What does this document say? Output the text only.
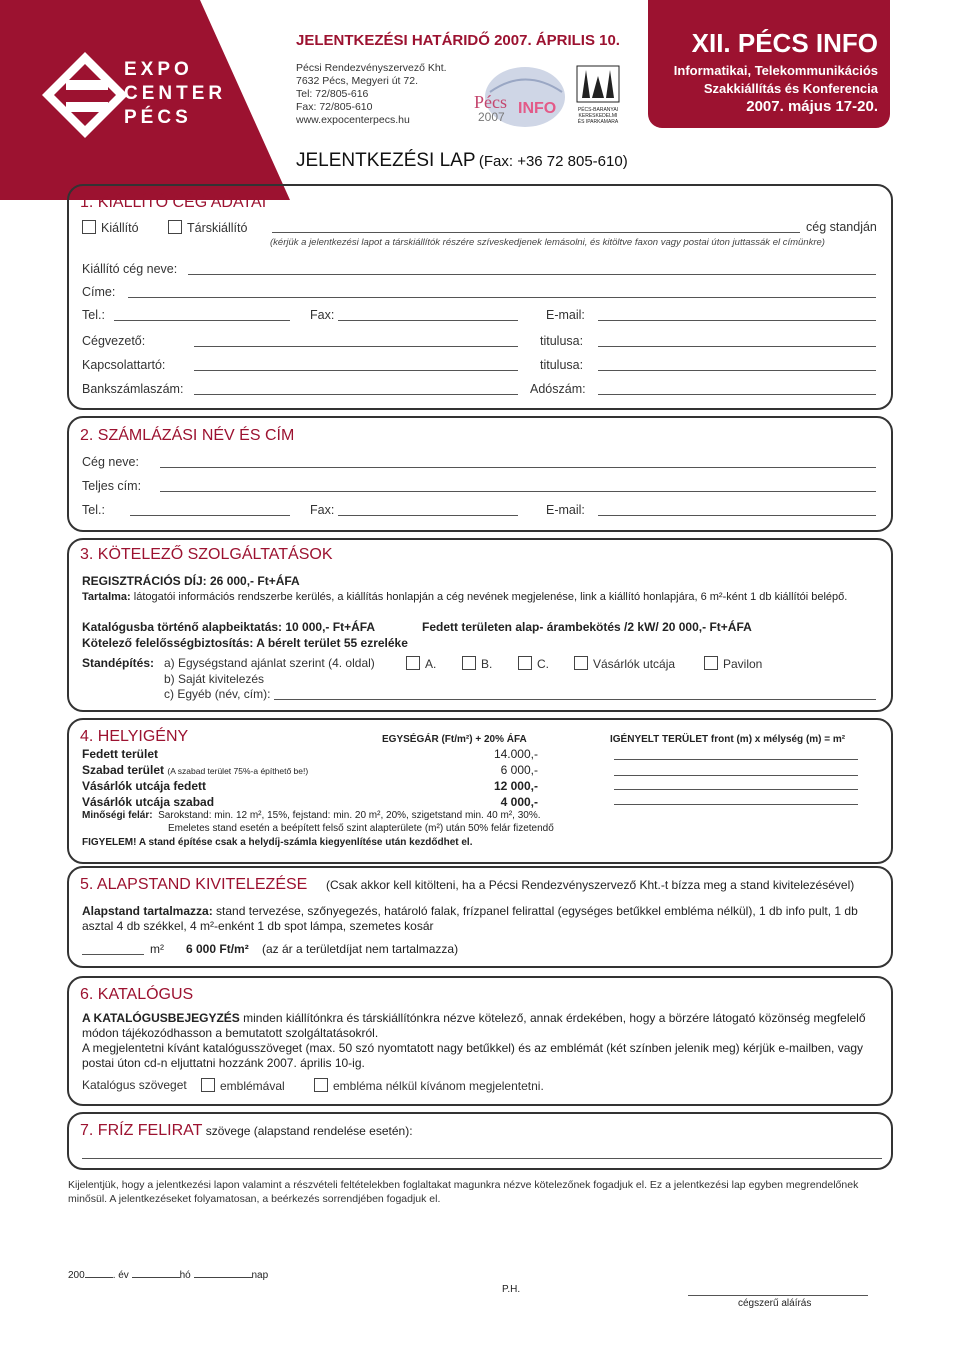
EXPO
CENTER
PÉCS
JELENTKEZÉSI HATÁRIDŐ 2007. ÁPRILIS 10.
Pécsi Rendezvényszervező Kht.
7632 Pécs, Megyeri út 72.
Tel: 72/805-616
Fax: 72/805-610
www.expocenterpecs.hu
Pécs
2007 INFO	PÉCS-BARANYAI
KERESKEDELMI
ÉS IPARKAMARA
XII. PÉCS INFO
Informatikai, Telekommunikációs
Szakkiállítás és Konferencia
2007. május 17-20.
JELENTKEZÉSI LAP (Fax: +36 72 805-610)
1. KIÁLLÍTÓ CÉG ADATAI
Kiállító	Társkiállító	cég standján
(kérjük a jelentkezési lapot a társkiállítók részére szíveskedjenek lemásolni, és kitöltve faxon vagy postai úton juttassák el címünkre)
Kiállító cég neve:
Címe:
Tel.:	Fax:	E-mail:
Cégvezető:	titulusa:
Kapcsolattartó:	titulusa:
Bankszámlaszám:	Adószám:
2. SZÁMLÁZÁSI NÉV ÉS CÍM
Cég neve:
Teljes cím:
Tel.:	Fax:	E-mail:
3. KÖTELEZŐ SZOLGÁLTATÁSOK
REGISZTRÁCIÓS DÍJ: 26 000,- Ft+ÁFA
Tartalma: látogatói információs rendszerbe kerülés, a kiállítás honlapján a cég nevének megjelenése, link a kiállító honlapjára, 6 m²-ként 1 db kiállítói belépő.
Katalógusba történő alapbeiktatás: 10 000,- Ft+ÁFA	Fedett területen alap- árambekötés /2 kW/ 20 000,- Ft+ÁFA
Kötelező felelősségbiztosítás: A bérelt terület 55 ezreléke
Standépítés: a) Egységstand ajánlat szerint (4. oldal)	A.	B.	C.	Vásárlók utcája	Pavilon
b) Saját kivitelezés
c) Egyéb (név, cím):
4. HELYIGÉNY	EGYSÉGÁR (Ft/m²) + 20% ÁFA	IGÉNYELT TERÜLET front (m) x mélység (m) = m²
Fedett terület	14.000,-
Szabad terület (A szabad terület 75%-a építhető be!)	6 000,-
Vásárlók utcája fedett	12 000,-
Vásárlók utcája szabad	4 000,-
Minőségi felár: Sarokstand: min. 12 m², 15%, fejstand: min. 20 m², 20%, szigetstand min. 40 m², 30%.
Emeletes stand esetén a beépített felső szint alapterülete (m²) után 50% felár fizetendő
FIGYELEM! A stand építése csak a helydíj-számla kiegyenlítése után kezdődhet el.
5. ALAPSTAND KIVITELEZÉSE (Csak akkor kell kitölteni, ha a Pécsi Rendezvényszervező Kht.-t bízza meg a stand kivitelezésével)
Alapstand tartalmazza: stand tervezése, szőnyegezés, határoló falak, frízpanel felirattal (egységes betűkkel embléma nélkül), 1 db info pult, 1 db asztal 4 db székkel, 4 m²-enként 1 db spot lámpa, szemetes kosár
m² 6 000 Ft/m² (az ár a területdíjat nem tartalmazza)
6. KATALÓGUS
A KATALÓGUSBEJEGYZÉS minden kiállítónkra és társkiállítónkra nézve kötelező, annak érdekében, hogy a börzére látogató közönség megfelelő módon tájékozódhasson a bemutatott szolgáltatásokról.
A megjelentetni kívánt katalógusszöveget (max. 50 szó nyomtatott nagy betűkkel) és az emblémát (két színben jelenik meg) kérjük e-mailben, vagy postai úton cd-n eljuttatni hozzánk 2007. április 10-ig.
Katalógus szöveget	emblémával	embléma nélkül kívánom megjelentetni.
7. FRÍZ FELIRAT szövege (alapstand rendelése esetén):
Kijelentjük, hogy a jelentkezési lapon valamint a részvételi feltételekben foglaltakat magunkra nézve kötelezőnek fogadjuk el. Ez a jelentkezési lap egyben megrendelőnek minősül. A jelentkezéseket folyamatosan, a beérkezés sorrendjében fogadjuk el.
200	. év	hó	nap
P.H.
cégszerű aláírás
